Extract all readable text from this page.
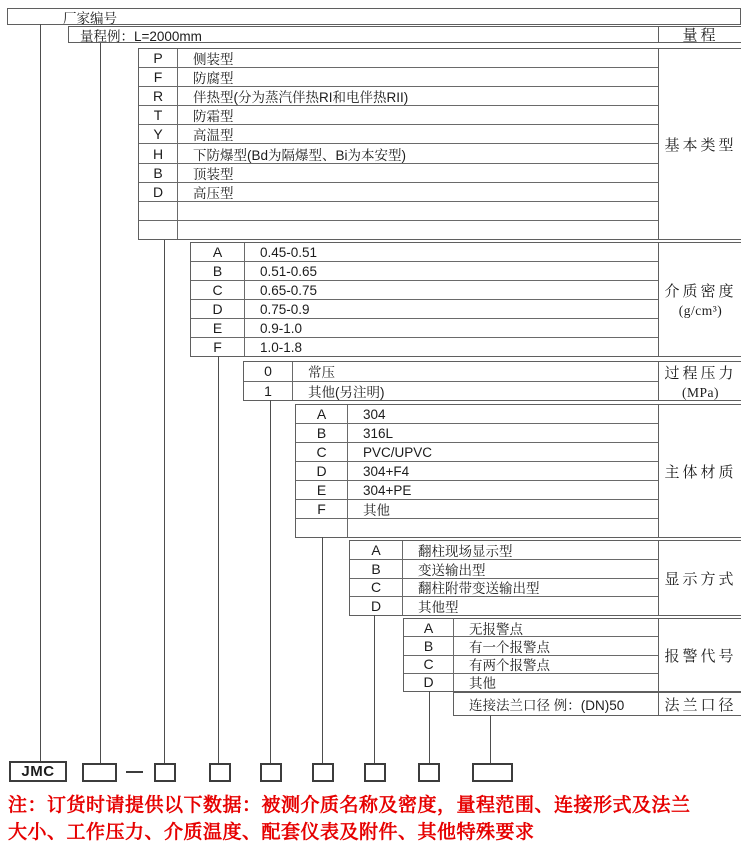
厂家编号
量程例：L=2000mm	量程
P	侧装型
F	防腐型
R	伴热型(分为蒸汽伴热RI和电伴热RII)
T	防霜型
Y	高温型
H	下防爆型(Bd为隔爆型、Bi为本安型)
B	顶装型
D	高压型
基本类型
A	0.45-0.51
B	0.51-0.65
C	0.65-0.75
D	0.75-0.9
E	0.9-1.0
F	1.0-1.8
介质密度
(g/cm³)
0	常压
1	其他(另注明)
过程压力
(MPa)
A	304
B	316L
C	PVC/UPVC
D	304+F4
E	304+PE
F	其他
主体材质
A	翻柱现场显示型
B	变送输出型
C	翻柱附带变送输出型
D	其他型
显示方式
A	无报警点
B	有一个报警点
C	有两个报警点
D	其他
报警代号
连接法兰口径 例：(DN)50	法兰口径
JMC
注：订货时请提供以下数据：被测介质名称及密度，量程范围、连接形式及法兰
大小、工作压力、介质温度、配套仪表及附件、其他特殊要求
